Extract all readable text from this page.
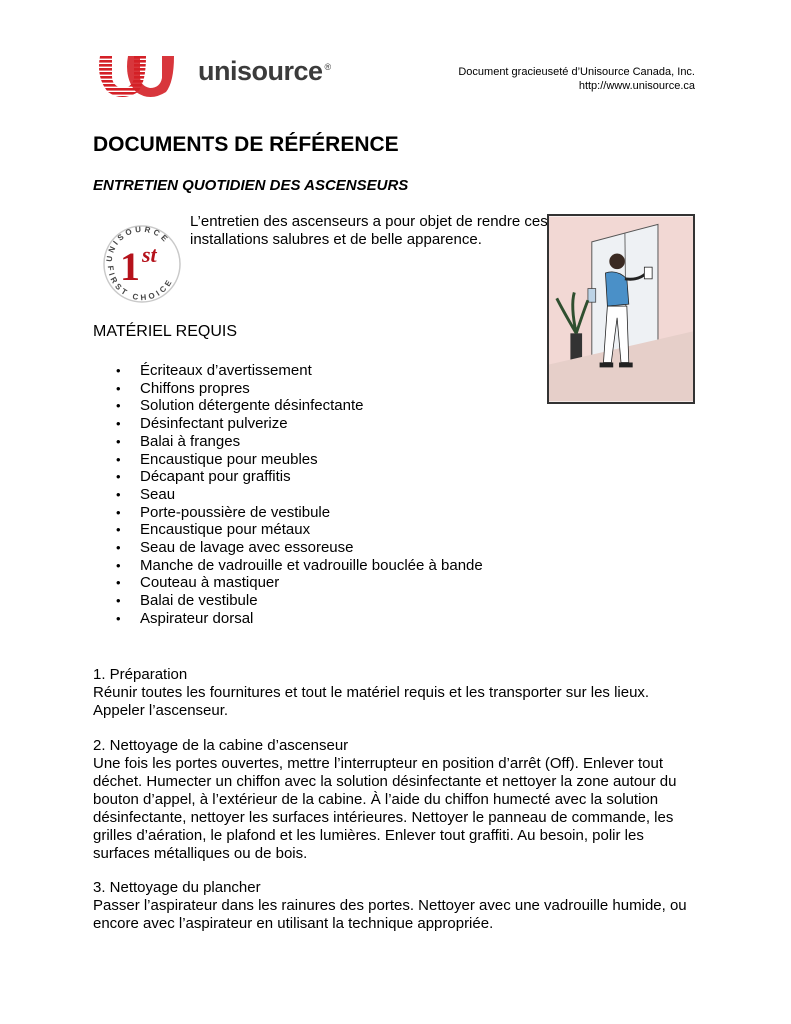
unisource ®	Document gracieuseté d’Unisource Canada, Inc.
http://www.unisource.ca
DOCUMENTS DE RÉFÉRENCE
ENTRETIEN QUOTIDIEN DES ASCENSEURS
UNISOURCE
FIRST CHOICE
1 st
L’entretien des ascenseurs a pour objet de rendre ces installations salubres et de belle apparence.
MATÉRIEL REQUIS
• Écriteaux d’avertissement
• Chiffons propres
• Solution détergente désinfectante
• Désinfectant pulverize
• Balai à franges
• Encaustique pour meubles
• Décapant pour graffitis
• Seau
• Porte-poussière de vestibule
• Encaustique pour métaux
• Seau de lavage avec essoreuse
• Manche de vadrouille et vadrouille bouclée à bande
• Couteau à mastiquer
• Balai de vestibule
• Aspirateur dorsal
1. Préparation

Réunir toutes les fournitures et tout le matériel requis et les transporter sur les lieux. Appeler l’ascenseur.

2. Nettoyage de la cabine d’ascenseur

Une fois les portes ouvertes, mettre l’interrupteur en position d’arrêt (Off). Enlever tout déchet. Humecter un chiffon avec la solution désinfectante et nettoyer la zone autour du bouton d’appel, à l’extérieur de la cabine. À l’aide du chiffon humecté avec la solution désinfectante, nettoyer les surfaces intérieures. Nettoyer le panneau de commande, les grilles d’aération, le plafond et les lumières. Enlever tout graffiti. Au besoin, polir les surfaces métalliques ou de bois.

3. Nettoyage du plancher

Passer l’aspirateur dans les rainures des portes. Nettoyer avec une vadrouille humide, ou encore avec l’aspirateur en utilisant la technique appropriée.
